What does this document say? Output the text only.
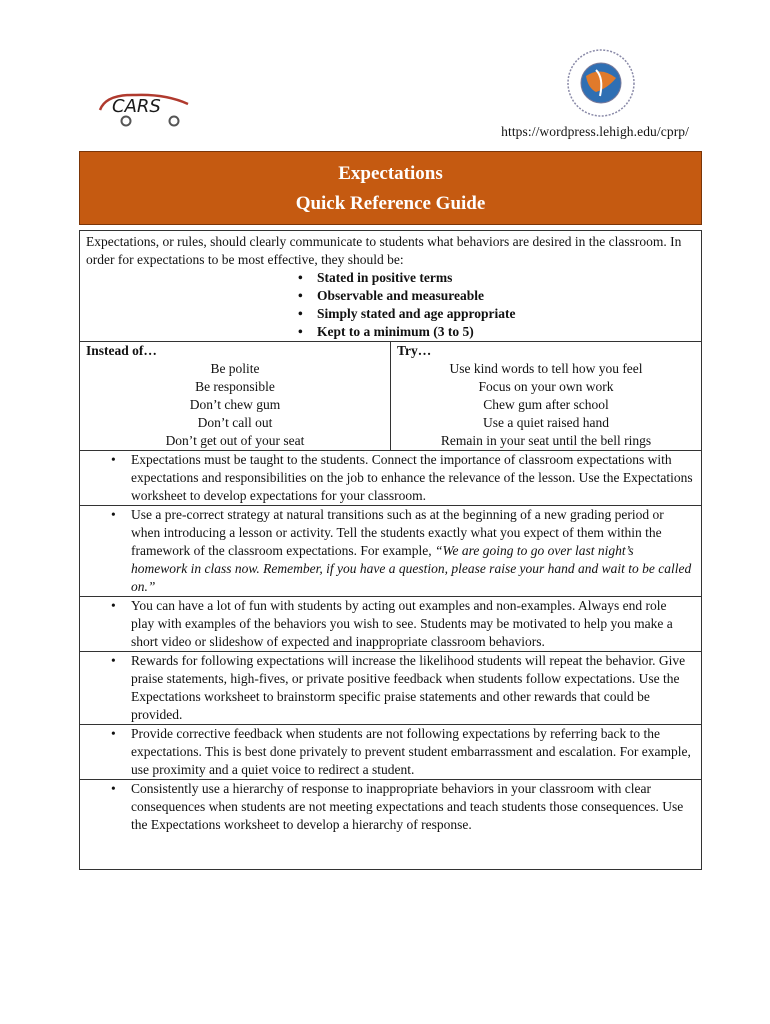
CARS
https://wordpress.lehigh.edu/cprp/
Expectations
Quick Reference Guide
Expectations, or rules, should clearly communicate to students what behaviors are desired in the classroom. In order for expectations to be most effective, they should be:
• Stated in positive terms
• Observable and measureable
• Simply stated and age appropriate
• Kept to a minimum (3 to 5)
Instead of…	Try…
Be polite
Be responsible
Don’t chew gum
Don’t call out
Don’t get out of your seat
Use kind words to tell how you feel
Focus on your own work
Chew gum after school
Use a quiet raised hand
Remain in your seat until the bell rings
• Expectations must be taught to the students. Connect the importance of classroom expectations with expectations and responsibilities on the job to enhance the relevance of the lesson. Use the Expectations worksheet to develop expectations for your classroom.
• Use a pre-correct strategy at natural transitions such as at the beginning of a new grading period or when introducing a lesson or activity. Tell the students exactly what you expect of them within the framework of the classroom expectations. For example, “We are going to go over last night’s homework in class now. Remember, if you have a question, please raise your hand and wait to be called on.”
• You can have a lot of fun with students by acting out examples and non-examples. Always end role play with examples of the behaviors you wish to see. Students may be motivated to help you make a short video or slideshow of expected and inappropriate classroom behaviors.
• Rewards for following expectations will increase the likelihood students will repeat the behavior. Give praise statements, high-fives, or private positive feedback when students follow expectations. Use the Expectations worksheet to brainstorm specific praise statements and other rewards that could be provided.
• Provide corrective feedback when students are not following expectations by referring back to the expectations. This is best done privately to prevent student embarrassment and escalation. For example, use proximity and a quiet voice to redirect a student.
• Consistently use a hierarchy of response to inappropriate behaviors in your classroom with clear consequences when students are not meeting expectations and teach students those consequences. Use the Expectations worksheet to develop a hierarchy of response.
